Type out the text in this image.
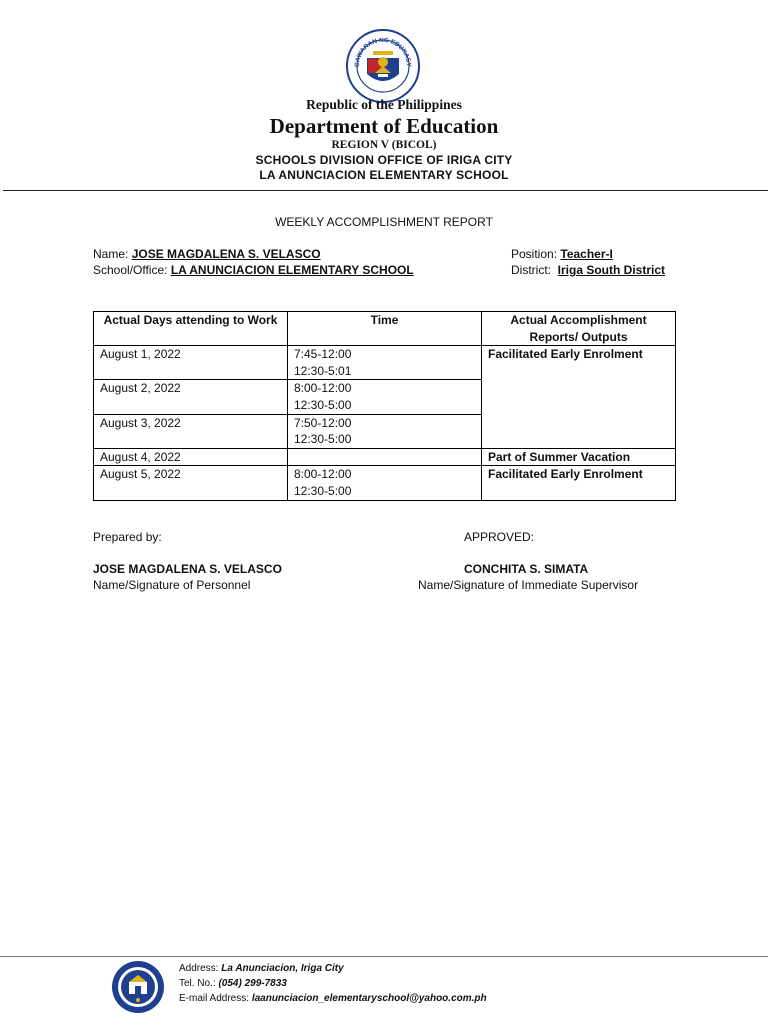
GAWARAN NG EDUKASY
Republic of the Philippines
Department of Education
REGION V (BICOL)
SCHOOLS DIVISION OFFICE OF IRIGA CITY
LA ANUNCIACION ELEMENTARY SCHOOL
WEEKLY ACCOMPLISHMENT REPORT
Name: JOSE MAGDALENA S. VELASCO
School/Office: LA ANUNCIACION ELEMENTARY SCHOOL
Position: Teacher-I
District: Iriga South District
Actual Days attending to Work	Time	Actual Accomplishment Reports/ Outputs
August 1, 2022	7:45-12:00
12:30-5:01	Facilitated Early Enrolment
August 2, 2022	8:00-12:00
12:30-5:00	

August 3, 2022	7:50-12:00
12:30-5:00	

August 4, 2022		Part of Summer Vacation
August 5, 2022	8:00-12:00
12:30-5:00	Facilitated Early Enrolment
Prepared by:
JOSE MAGDALENA S. VELASCO
Name/Signature of Personnel
APPROVED:
CONCHITA S. SIMATA
Name/Signature of Immediate Supervisor
Address: La Anunciacion, Iriga City
Tel. No.: (054) 299-7833
E-mail Address: laanunciacion_elementaryschool@yahoo.com.ph
